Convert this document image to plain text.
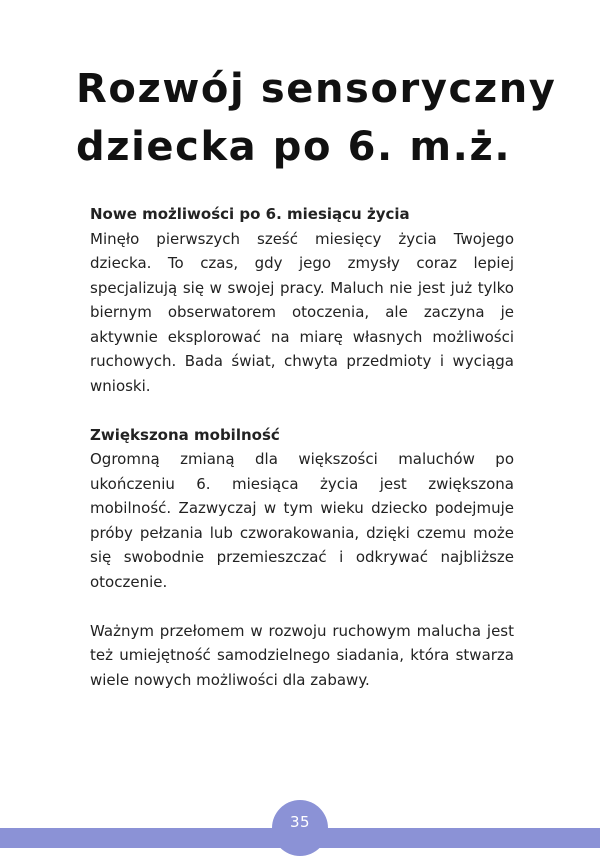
Rozwój sensoryczny
dziecka po 6. m.ż.

Nowe możliwości po 6. miesiącu życia

Minęło pierwszych sześć miesięcy życia Twojego dziecka. To czas, gdy jego zmysły coraz lepiej specjalizują się w swojej pracy. Maluch nie jest już tylko biernym obserwatorem otoczenia, ale zaczyna je aktywnie eksplorować na miarę własnych możliwości ruchowych. Bada świat, chwyta przedmioty i wyciąga wnioski.

Zwiększona mobilność

Ogromną zmianą dla większości maluchów po ukończeniu 6. miesiąca życia jest zwiększona mobilność. Zazwyczaj w tym wieku dziecko podejmuje próby pełzania lub czworakowania, dzięki czemu może się swobodnie przemieszczać i odkrywać najbliższe otoczenie.

Ważnym przełomem w rozwoju ruchowym malucha jest też umiejętność samodzielnego siadania, która stwarza wiele nowych możliwości dla zabawy.

35
